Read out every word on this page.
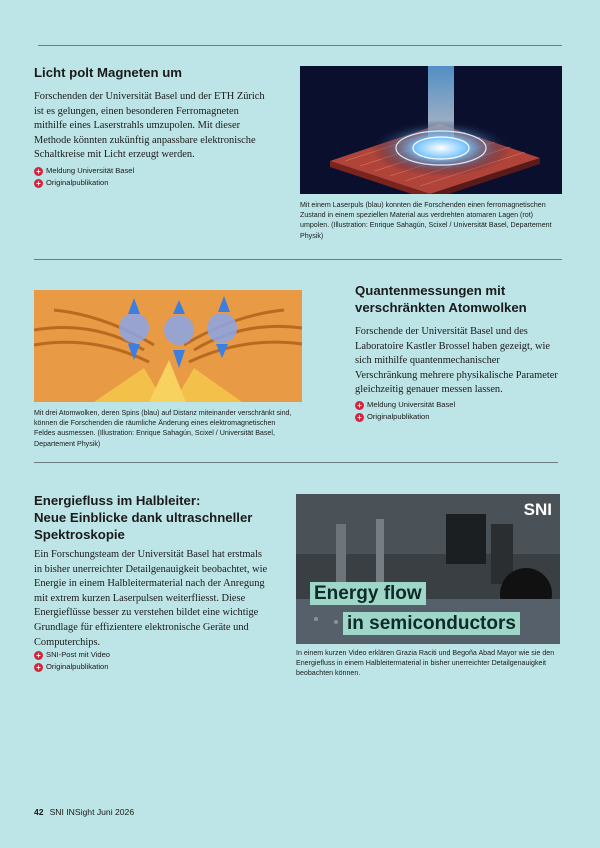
Licht polt Magneten um

Forschenden der Universität Basel und der ETH Zürich ist es gelungen, einen besonderen Ferromagneten mithilfe eines Laserstrahls umzupolen. Mit dieser Methode könnten zukünftig anpassbare elektronische Schaltkreise mit Licht erzeugt werden.

+ Meldung Universität Basel
+ Originalpublikation

Mit einem Laserpuls (blau) konnten die Forschenden einen ferromagnetischen Zustand in einem speziellen Material aus verdrehten atomaren Lagen (rot) umpolen. (Illustration: Enrique Sahagún, Scixel / Universität Basel, Departement Physik)

Mit drei Atomwolken, deren Spins (blau) auf Distanz miteinander verschränkt sind, können die Forschenden die räumliche Änderung eines elektromagnetischen Feldes ausmessen. (Illustration: Enrique Sahagún, Scixel / Universität Basel, Departement Physik)

Quantenmessungen mit
verschränkten Atomwolken

Forschende der Universität Basel und des Laboratoire Kastler Brossel haben gezeigt, wie sich mithilfe quantenmechanischer Verschränkung mehrere physikalische Parameter gleichzeitig genauer messen lassen.

+ Meldung Universität Basel
+ Originalpublikation
Energiefluss im Halbleiter:
Neue Einblicke dank ultraschneller
Spektroskopie

Ein Forschungsteam der Universität Basel hat erstmals in bisher unerreichter Detailgenauigkeit beobachtet, wie Energie in einem Halbleitermaterial nach der Anregung mit extrem kurzen Laserpulsen weiterfliesst. Diese Energieflüsse besser zu verstehen bildet eine wichtige Grundlage für effizientere elektronische Geräte und Computerchips.

+ SNI-Post mit Video
+ Originalpublikation
SNI
Energy flow
in semiconductors

In einem kurzen Video erklären Grazia Raciti und Begoña Abad Mayor wie sie den Energiefluss in einem Halbleitermaterial in bisher unerreichter Detailgenauigkeit beobachten können.

42 SNI INSight Juni 2026
